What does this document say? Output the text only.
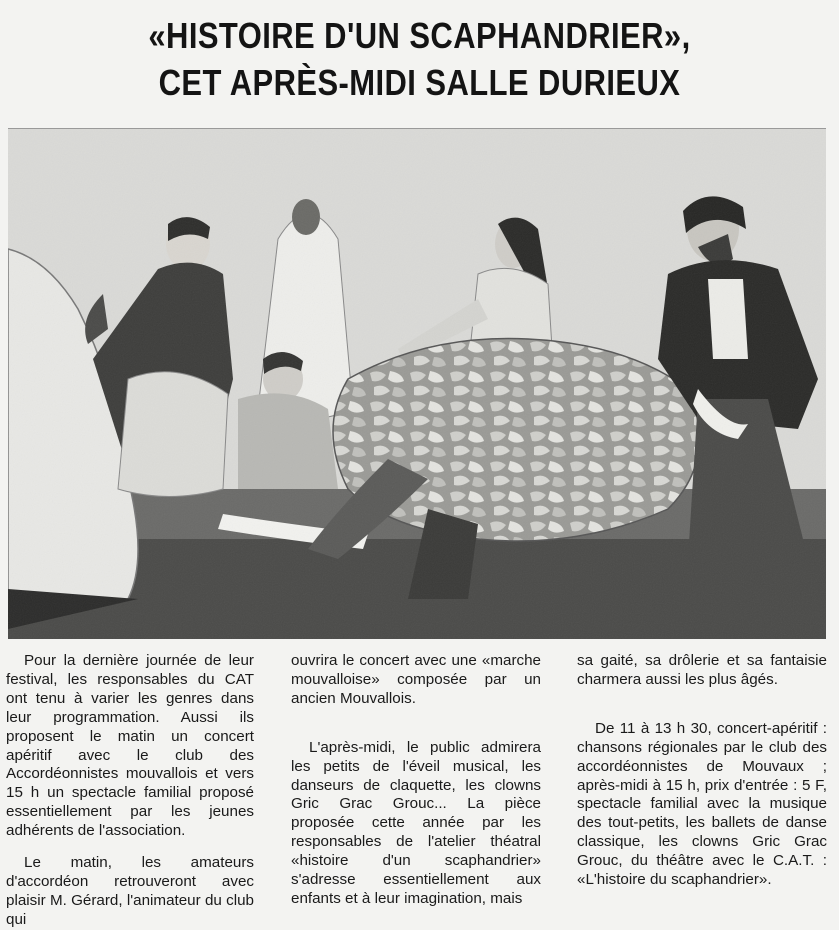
«HISTOIRE D'UN SCAPHANDRIER»,
CET APRÈS-MIDI SALLE DURIEUX

Pour la dernière journée de leur festival, les responsables du CAT ont tenu à varier les genres dans leur programmation. Aussi ils proposent le matin un concert apéritif avec le club des Accordéonnistes mouvallois et vers 15 h un spectacle familial proposé essentiellement par les jeunes adhérents de l'association.

Le matin, les amateurs d'accordéon retrouveront avec plaisir M. Gérard, l'animateur du club qui

ouvrira le concert avec une «marche mouvalloise» composée par un ancien Mouvallois.

L'après-midi, le public admirera les petits de l'éveil musical, les danseurs de claquette, les clowns Gric Grac Grouc... La pièce proposée cette année par les responsables de l'atelier théatral «histoire d'un scaphandrier» s'adresse essentiellement aux enfants et à leur imagination, mais

sa gaité, sa drôlerie et sa fantaisie charmera aussi les plus âgés.

De 11 à 13 h 30, concert-apéritif : chansons régionales par le club des accordéonnistes de Mouvaux ; après-midi à 15 h, prix d'entrée : 5 F, spectacle familial avec la musique des tout-petits, les ballets de danse classique, les clowns Gric Grac Grouc, du théâtre avec le C.A.T. : «L'histoire du scaphandrier».
